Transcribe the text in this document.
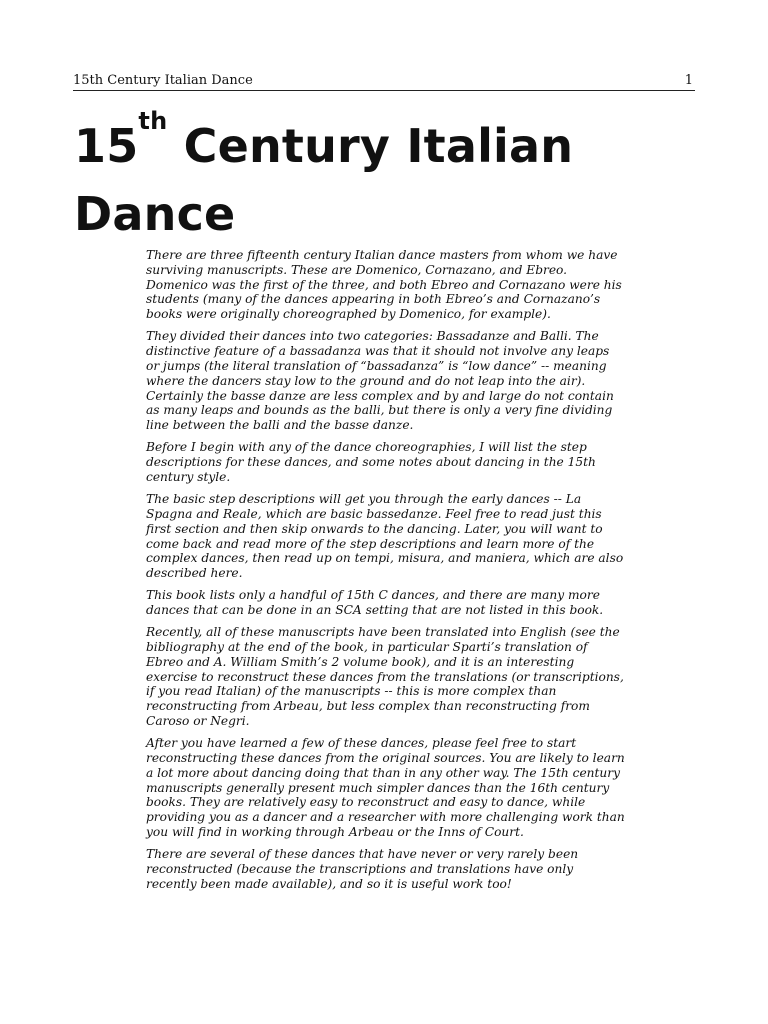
15th Century Italian Dance	1
15th Century Italian Dance

There are three fifteenth century Italian dance masters from whom we have surviving manuscripts. These are Domenico, Cornazano, and Ebreo. Domenico was the first of the three, and both Ebreo and Cornazano were his students (many of the dances appearing in both Ebreo’s and Cornazano’s books were originally choreographed by Domenico, for example).

They divided their dances into two categories: Bassadanze and Balli. The distinctive feature of a bassadanza was that it should not involve any leaps or jumps (the literal translation of “bassadanza” is “low dance” -- meaning where the dancers stay low to the ground and do not leap into the air). Certainly the basse danze are less complex and by and large do not contain as many leaps and bounds as the balli, but there is only a very fine dividing line between the balli and the basse danze.

Before I begin with any of the dance choreographies, I will list the step descriptions for these dances, and some notes about dancing in the 15th century style.

The basic step descriptions will get you through the early dances -- La Spagna and Reale, which are basic bassedanze. Feel free to read just this first section and then skip onwards to the dancing. Later, you will want to come back and read more of the step descriptions and learn more of the complex dances, then read up on tempi, misura, and maniera, which are also described here.

This book lists only a handful of 15th C dances, and there are many more dances that can be done in an SCA setting that are not listed in this book.

Recently, all of these manuscripts have been translated into English (see the bibliography at the end of the book, in particular Sparti’s translation of Ebreo and A. William Smith’s 2 volume book), and it is an interesting exercise to reconstruct these dances from the translations (or transcriptions, if you read Italian) of the manuscripts -- this is more complex than reconstructing from Arbeau, but less complex than reconstructing from Caroso or Negri.

After you have learned a few of these dances, please feel free to start reconstructing these dances from the original sources. You are likely to learn a lot more about dancing doing that than in any other way. The 15th century manuscripts generally present much simpler dances than the 16th century books. They are relatively easy to reconstruct and easy to dance, while providing you as a dancer and a researcher with more challenging work than you will find in working through Arbeau or the Inns of Court.

There are several of these dances that have never or very rarely been reconstructed (because the transcriptions and translations have only recently been made available), and so it is useful work too!
